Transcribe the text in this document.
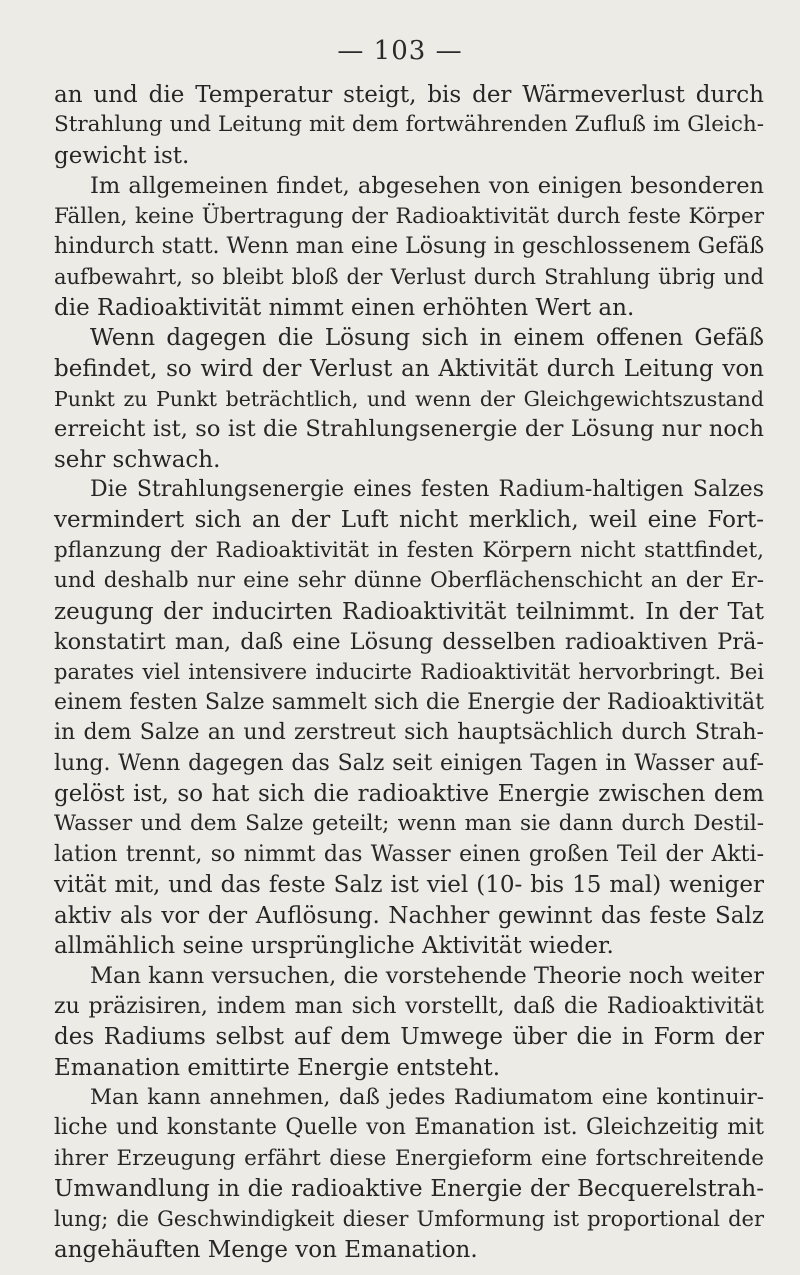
— 103 —
an und die Temperatur steigt, bis der Wärmeverlust durch
Strahlung und Leitung mit dem fortwährenden Zufluß im Gleich-
gewicht ist.
Im allgemeinen findet, abgesehen von einigen besonderen
Fällen, keine Übertragung der Radioaktivität durch feste Körper
hindurch statt. Wenn man eine Lösung in geschlossenem Gefäß
aufbewahrt, so bleibt bloß der Verlust durch Strahlung übrig und
die Radioaktivität nimmt einen erhöhten Wert an.
Wenn dagegen die Lösung sich in einem offenen Gefäß
befindet, so wird der Verlust an Aktivität durch Leitung von
Punkt zu Punkt beträchtlich, und wenn der Gleichgewichtszustand
erreicht ist, so ist die Strahlungsenergie der Lösung nur noch
sehr schwach.
Die Strahlungsenergie eines festen Radium-haltigen Salzes
vermindert sich an der Luft nicht merklich, weil eine Fort-
pflanzung der Radioaktivität in festen Körpern nicht stattfindet,
und deshalb nur eine sehr dünne Oberflächenschicht an der Er-
zeugung der inducirten Radioaktivität teilnimmt. In der Tat
konstatirt man, daß eine Lösung desselben radioaktiven Prä-
parates viel intensivere inducirte Radioaktivität hervorbringt. Bei
einem festen Salze sammelt sich die Energie der Radioaktivität
in dem Salze an und zerstreut sich hauptsächlich durch Strah-
lung. Wenn dagegen das Salz seit einigen Tagen in Wasser auf-
gelöst ist, so hat sich die radioaktive Energie zwischen dem
Wasser und dem Salze geteilt; wenn man sie dann durch Destil-
lation trennt, so nimmt das Wasser einen großen Teil der Akti-
vität mit, und das feste Salz ist viel (10- bis 15 mal) weniger
aktiv als vor der Auflösung. Nachher gewinnt das feste Salz
allmählich seine ursprüngliche Aktivität wieder.
Man kann versuchen, die vorstehende Theorie noch weiter
zu präzisiren, indem man sich vorstellt, daß die Radioaktivität
des Radiums selbst auf dem Umwege über die in Form der
Emanation emittirte Energie entsteht.
Man kann annehmen, daß jedes Radiumatom eine kontinuir-
liche und konstante Quelle von Emanation ist. Gleichzeitig mit
ihrer Erzeugung erfährt diese Energieform eine fortschreitende
Umwandlung in die radioaktive Energie der Becquerelstrah-
lung; die Geschwindigkeit dieser Umformung ist proportional der
angehäuften Menge von Emanation.
